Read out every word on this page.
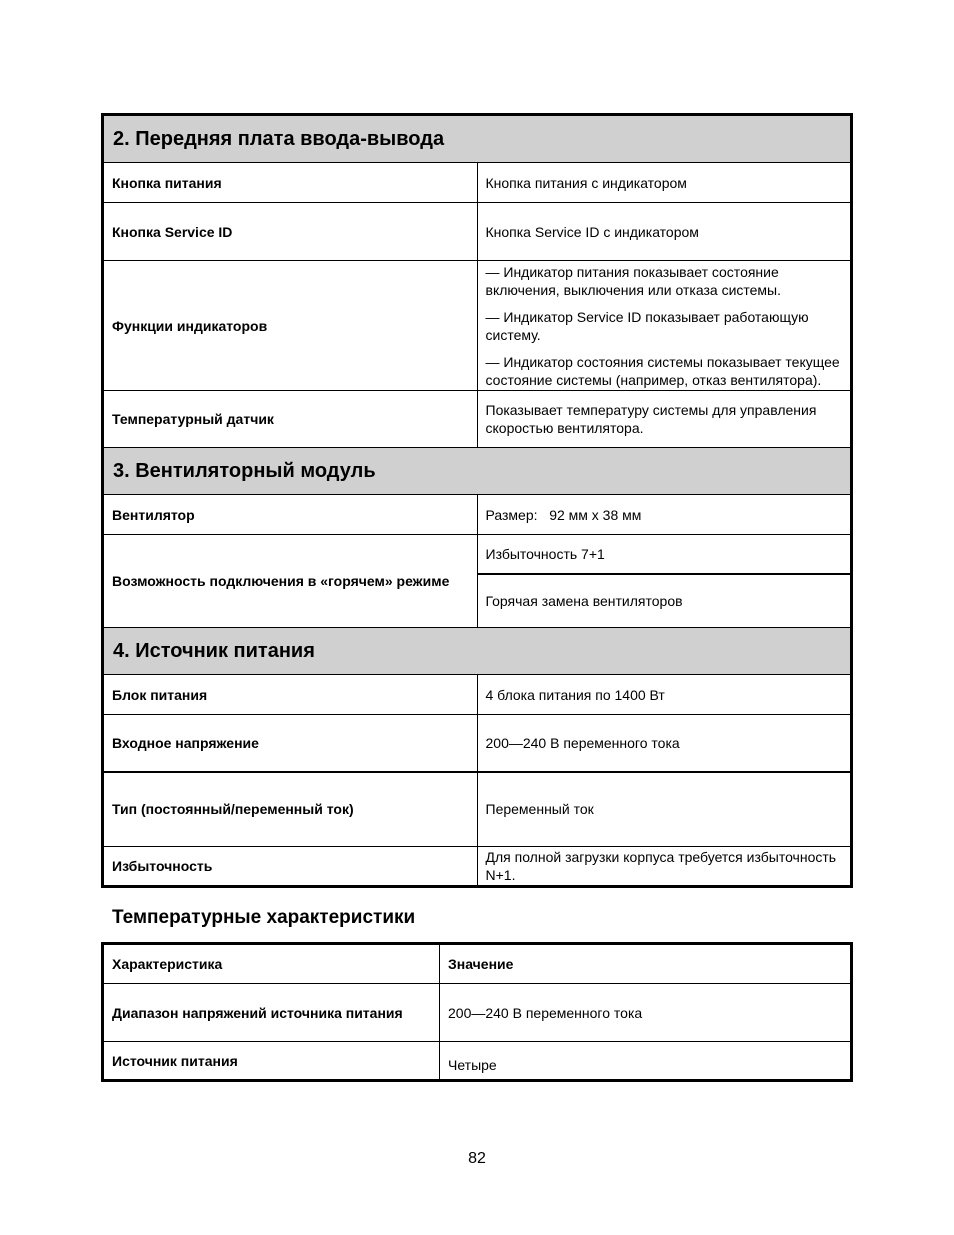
2. Передняя плата ввода-вывода	
Кнопка питания	Кнопка питания с индикатором
Кнопка Service ID	Кнопка Service ID с индикатором
Функции индикаторов	— Индикатор питания показывает состояние включения, выключения или отказа системы.

— Индикатор Service ID показывает работающую систему.

— Индикатор состояния системы показывает текущее состояние системы (например, отказ вентилятора).

Температурный датчик	Показывает температуру системы для управления скоростью вентилятора.
3. Вентиляторный модуль	
Вентилятор	Размер: 92 мм x 38 мм
Возможность подключения в «горячем» режиме	Избыточность 7+1
	Горячая замена вентиляторов
4. Источник питания	
Блок питания	4 блока питания по 1400 Вт
Входное напряжение	200—240 В переменного тока
Тип (постоянный/переменный ток)	Переменный ток
Избыточность	Для полной загрузки корпуса требуется избыточность N+1.
Температурные характеристики
Характеристика	Значение
Диапазон напряжений источника питания	200—240 В переменного тока
Источник питания	Четыре
82
